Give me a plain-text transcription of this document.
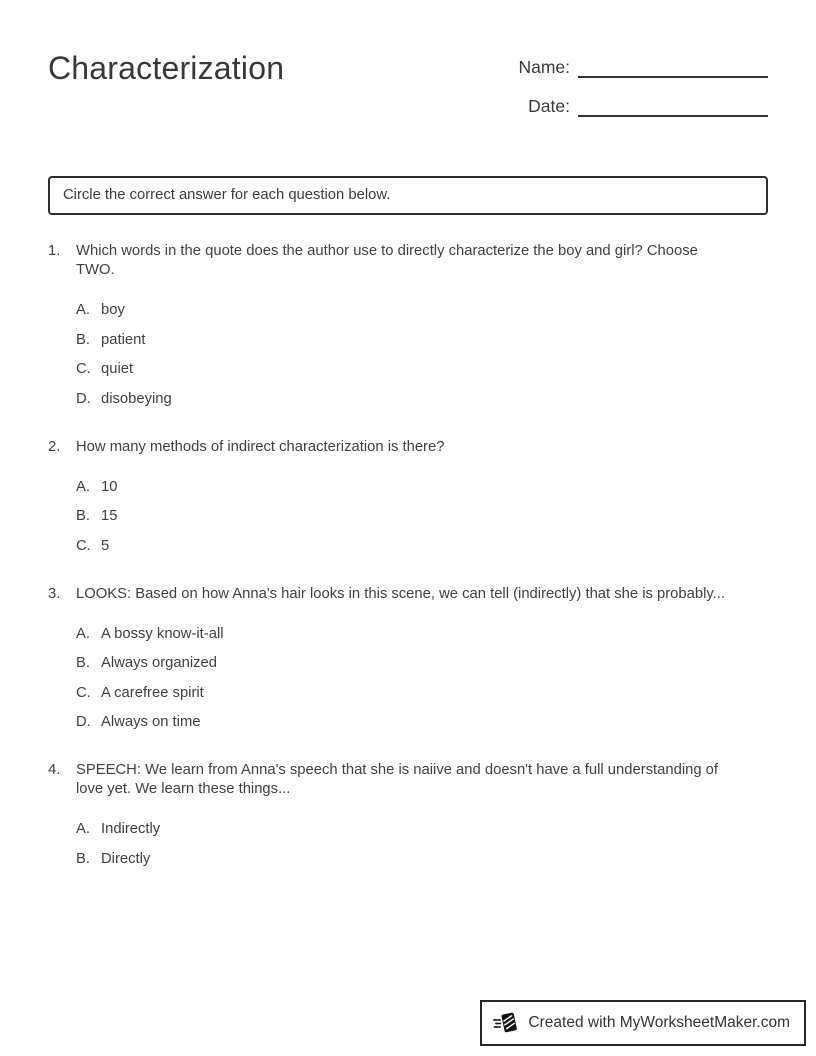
Characterization	Name:
Date:
Circle the correct answer for each question below.
1.	Which words in the quote does the author use to directly characterize the boy and girl? Choose TWO.

A. boy
B. patient
C. quiet
D. disobeying
2.	How many methods of indirect characterization is there?

A. 10
B. 15
C. 5
3.	LOOKS: Based on how Anna's hair looks in this scene, we can tell (indirectly) that she is probably...

A. A bossy know-it-all
B. Always organized
C. A carefree spirit
D. Always on time
4.	SPEECH: We learn from Anna's speech that she is naiive and doesn't have a full understanding of love yet. We learn these things...

A. Indirectly
B. Directly
Created with MyWorksheetMaker.com
